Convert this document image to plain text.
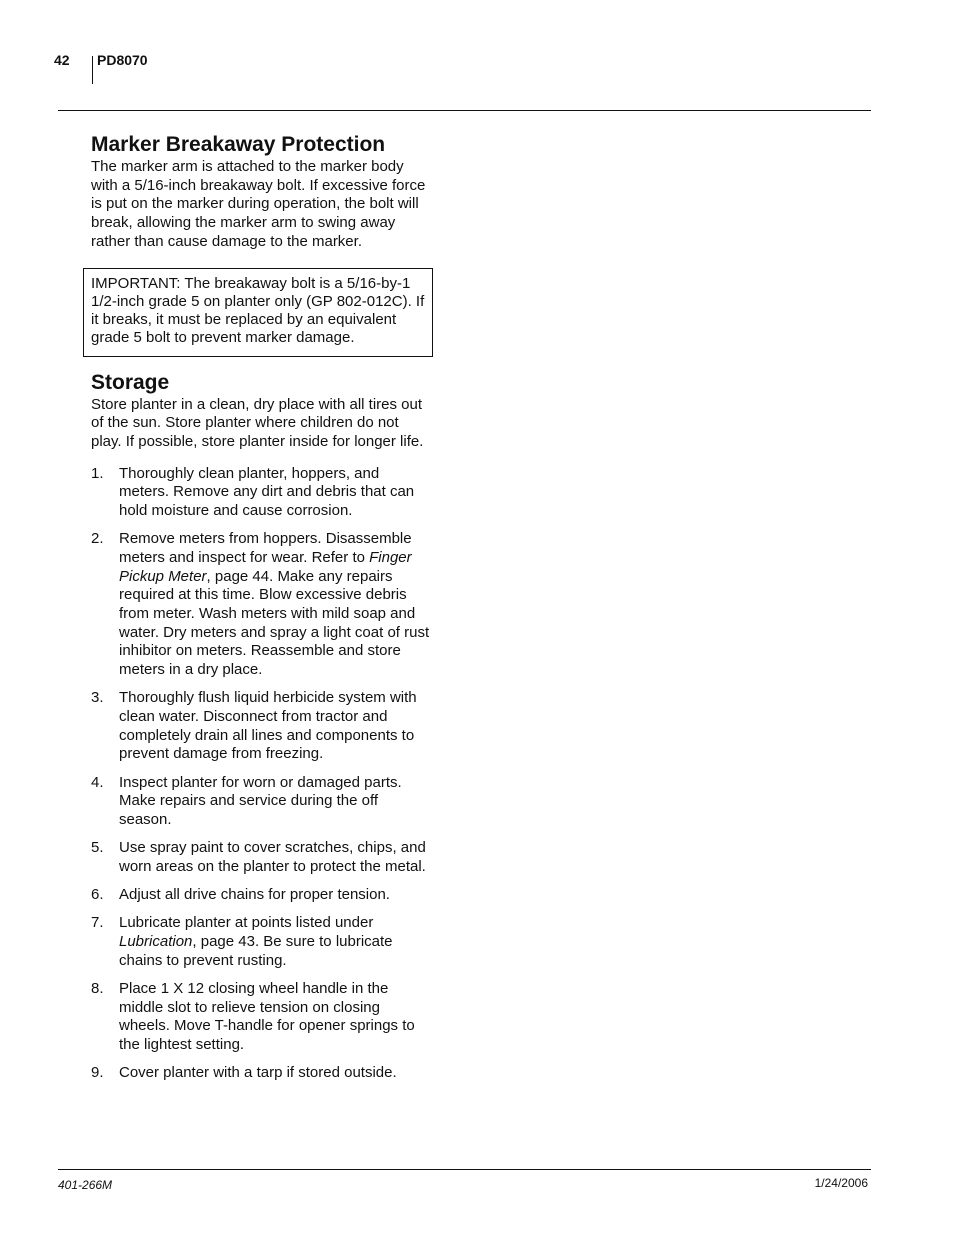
42 PD8070
Marker Breakaway Protection

The marker arm is attached to the marker body with a 5/16-inch breakaway bolt. If excessive force is put on the marker during operation, the bolt will break, allowing the marker arm to swing away rather than cause damage to the marker.

IMPORTANT: The breakaway bolt is a 5/16-by-1 1/2-inch grade 5 on planter only (GP 802-012C). If it breaks, it must be replaced by an equivalent grade 5 bolt to prevent marker damage.
Storage

Store planter in a clean, dry place with all tires out of the sun. Store planter where children do not play. If possible, store planter inside for longer life.

1. Thoroughly clean planter, hoppers, and meters. Remove any dirt and debris that can hold moisture and cause corrosion.
2. Remove meters from hoppers. Disassemble meters and inspect for wear. Refer to Finger Pickup Meter, page 44. Make any repairs required at this time. Blow excessive debris from meter. Wash meters with mild soap and water. Dry meters and spray a light coat of rust inhibitor on meters. Reassemble and store meters in a dry place.
3. Thoroughly flush liquid herbicide system with clean water. Disconnect from tractor and completely drain all lines and components to prevent damage from freezing.
4. Inspect planter for worn or damaged parts. Make repairs and service during the off season.
5. Use spray paint to cover scratches, chips, and worn areas on the planter to protect the metal.
6. Adjust all drive chains for proper tension.
7. Lubricate planter at points listed under Lubrication, page 43. Be sure to lubricate chains to prevent rusting.
8. Place 1 X 12 closing wheel handle in the middle slot to relieve tension on closing wheels. Move T-handle for opener springs to the lightest setting.
9. Cover planter with a tarp if stored outside.
401-266M	1/24/2006
